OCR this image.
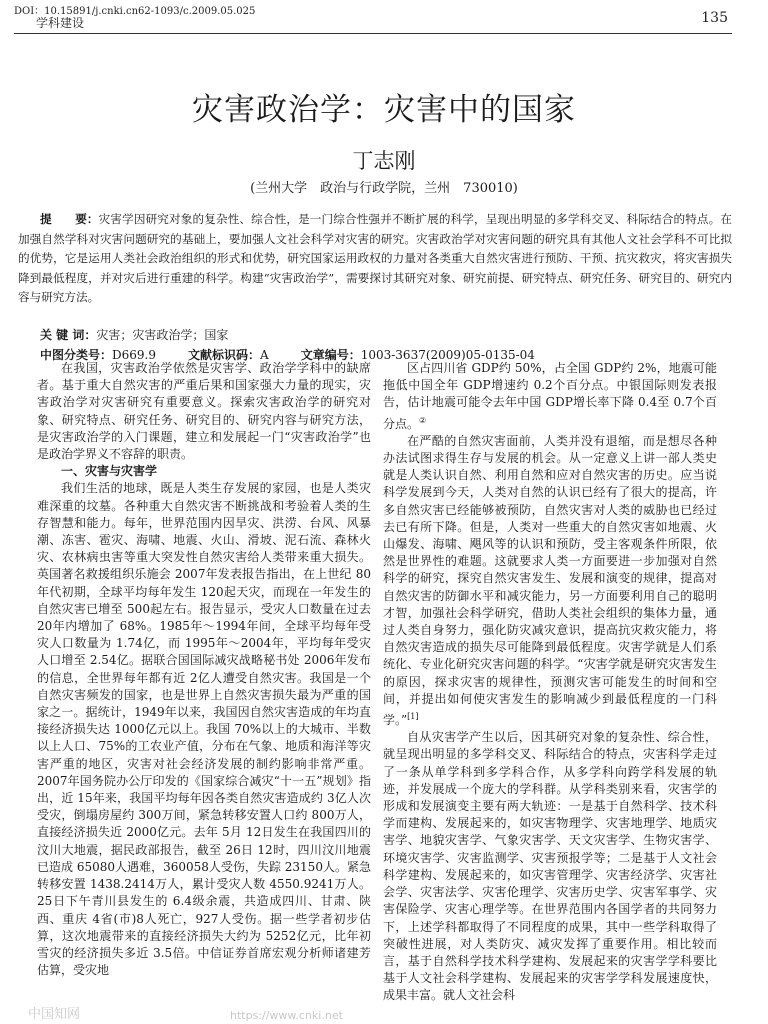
DOI：10.15891/j.cnki.cn62-1093/c.2009.05.025
学科建设	135
灾害政治学：灾害中的国家
丁志刚
(兰州大学　政治与行政学院，兰州　730010)
提　　要：灾害学因研究对象的复杂性、综合性，是一门综合性强并不断扩展的科学，呈现出明显的多学科交叉、科际结合的特点。在加强自然学科对灾害问题研究的基础上，要加强人文社会科学对灾害的研究。灾害政治学对灾害问题的研究具有其他人文社会学科不可比拟的优势，它是运用人类社会政治组织的形式和优势，研究国家运用政权的力量对各类重大自然灾害进行预防、干预、抗灾救灾，将灾害损失降到最低程度，并对灾后进行重建的科学。构建“灾害政治学”，需要探讨其研究对象、研究前提、研究特点、研究任务、研究目的、研究内容与研究方法。
关 键 词：灾害；灾害政治学；国家
中图分类号：D669.9	文献标识码：A	文章编号：1003-3637(2009)05-0135-04

在我国，灾害政治学依然是灾害学、政治学学科中的缺席者。基于重大自然灾害的严重后果和国家强大力量的现实，灾害政治学对灾害研究有重要意义。探索灾害政治学的研究对象、研究特点、研究任务、研究目的、研究内容与研究方法，是灾害政治学的入门课题，建立和发展起一门“灾害政治学”也是政治学界义不容辞的职责。

一、灾害与灾害学

我们生活的地球，既是人类生存发展的家园，也是人类灾难深重的坟墓。各种重大自然灾害不断挑战和考验着人类的生存智慧和能力。每年，世界范围内因旱灾、洪涝、台风、风暴潮、冻害、雹灾、海啸、地震、火山、滑坡、泥石流、森林火灾、农林病虫害等重大突发性自然灾害给人类带来重大损失。英国著名救援组织乐施会 2007年发表报告指出，在上世纪 80年代初期，全球平均每年发生 120起天灾，而现在一年发生的自然灾害已增至 500起左右。报告显示，受灾人口数量在过去 20年内增加了 68%。1985年～1994年间，全球平均每年受灾人口数量为 1.74亿，而 1995年～2004年，平均每年受灾人口增至 2.54亿。据联合国国际减灾战略秘书处 2006年发布的信息，全世界每年都有近 2亿人遭受自然灾害。我国是一个自然灾害频发的国家，也是世界上自然灾害损失最为严重的国家之一。据统计，1949年以来，我国因自然灾害造成的年均直接经济损失达 1000亿元以上。我国 70%以上的大城市、半数以上人口、75%的工农业产值，分布在气象、地质和海洋等灾害严重的地区，灾害对社会经济发展的制约影响非常严重。2007年国务院办公厅印发的《国家综合减灾“十一五”规划》指出，近 15年来，我国平均每年因各类自然灾害造成约 3亿人次受灾，倒塌房屋约 300万间，紧急转移安置人口约 800万人，直接经济损失近 2000亿元。去年 5月 12日发生在我国四川的汶川大地震，据民政部报告，截至 26日 12时，四川汶川地震已造成 65080人遇难，360058人受伤，失踪 23150人。紧急转移安置 1438.2414万人，累计受灾人数 4550.9241万人。25日下午青川县发生的 6.4级余震，共造成四川、甘肃、陕西、重庆 4省(市)8人死亡，927人受伤。据一些学者初步估算，这次地震带来的直接经济损失大约为 5252亿元，比年初雪灾的经济损失多近 3.5倍。中信证券首席宏观分析师诸建芳估算，受灾地

区占四川省 GDP约 50%，占全国 GDP约 2%，地震可能拖低中国全年 GDP增速约 0.2个百分点。中银国际则发表报告，估计地震可能令去年中国 GDP增长率下降 0.4至 0.7个百分点。②

在严酷的自然灾害面前，人类并没有退缩，而是想尽各种办法试图求得生存与发展的机会。从一定意义上讲一部人类史就是人类认识自然、利用自然和应对自然灾害的历史。应当说科学发展到今天，人类对自然的认识已经有了很大的提高，许多自然灾害已经能够被预防，自然灾害对人类的威胁也已经过去已有所下降。但是，人类对一些重大的自然灾害如地震、火山爆发、海啸、飓风等的认识和预防，受主客观条件所限，依然是世界性的难题。这就要求人类一方面要进一步加强对自然科学的研究，探究自然灾害发生、发展和演变的规律，提高对自然灾害的防御水平和减灾能力，另一方面要利用自己的聪明才智，加强社会科学研究，借助人类社会组织的集体力量，通过人类自身努力，强化防灾减灾意识，提高抗灾救灾能力，将自然灾害造成的损失尽可能降到最低程度。灾害学就是人们系统化、专业化研究灾害问题的科学。“灾害学就是研究灾害发生的原因，探求灾害的规律性，预测灾害可能发生的时间和空间，并提出如何使灾害发生的影响减少到最低程度的一门科学。”[1]

自从灾害学产生以后，因其研究对象的复杂性、综合性，就呈现出明显的多学科交叉、科际结合的特点，灾害科学走过了一条从单学科到多学科合作，从多学科向跨学科发展的轨迹，并发展成一个庞大的学科群。从学科类别来看，灾害学的形成和发展演变主要有两大轨迹：一是基于自然科学、技术科学而建构、发展起来的，如灾害物理学、灾害地理学、地质灾害学、地貌灾害学、气象灾害学、天文灾害学、生物灾害学、环境灾害学、灾害监测学、灾害预报学等；二是基于人文社会科学建构、发展起来的，如灾害管理学、灾害经济学、灾害社会学、灾害法学、灾害伦理学、灾害历史学、灾害军事学、灾害保险学、灾害心理学等。在世界范围内各国学者的共同努力下，上述学科都取得了不同程度的成果，其中一些学科取得了突破性进展，对人类防灾、减灾发挥了重要作用。相比较而言，基于自然科学技术科学建构、发展起来的灾害学学科要比基于人文社会科学建构、发展起来的灾害学学科发展速度快，成果丰富。就人文社会科

中国知网	https://www.cnki.net
